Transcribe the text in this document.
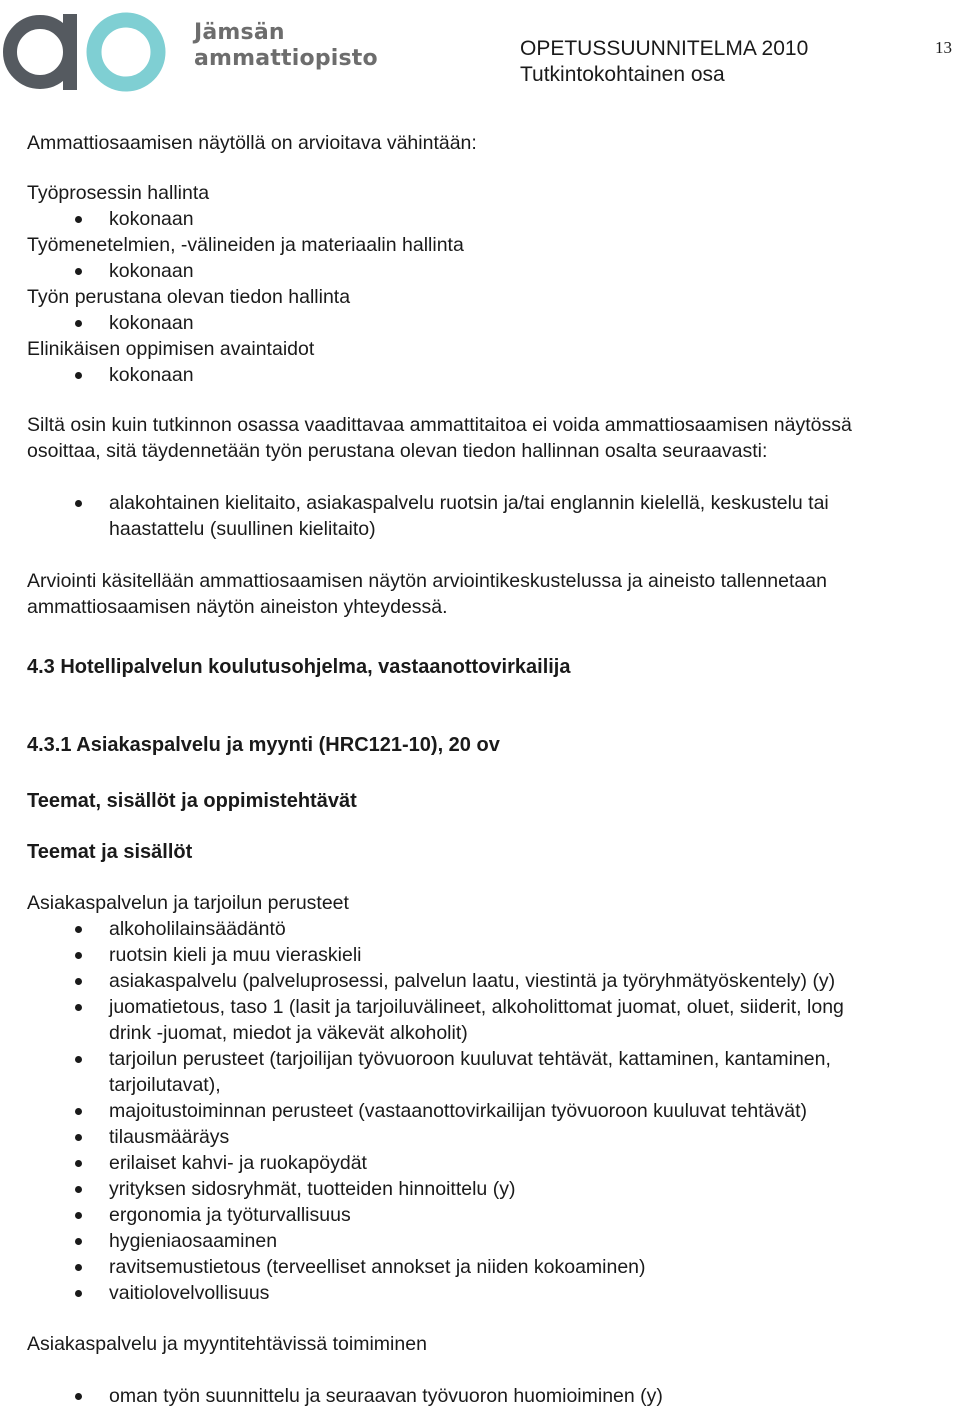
Jämsän
ammattiopisto	OPETUSSUUNNITELMA 2010
Tutkintokohtainen osa
13

Ammattiosaamisen näytöllä on arvioitava vähintään:

Työprosessin hallinta

kokonaan

Työmenetelmien, -välineiden ja materiaalin hallinta

kokonaan

Työn perustana olevan tiedon hallinta

kokonaan

Elinikäisen oppimisen avaintaidot

kokonaan

Siltä osin kuin tutkinnon osassa vaadittavaa ammattitaitoa ei voida ammattiosaamisen näytössä

osoittaa, sitä täydennetään työn perustana olevan tiedon hallinnan osalta seuraavasti:

alakohtainen kielitaito, asiakaspalvelu ruotsin ja/tai englannin kielellä, keskustelu tai
haastattelu (suullinen kielitaito)

Arviointi käsitellään ammattiosaamisen näytön arviointikeskustelussa ja aineisto tallennetaan

ammattiosaamisen näytön aineiston yhteydessä.

4.3 Hotellipalvelun koulutusohjelma, vastaanottovirkailija

4.3.1 Asiakaspalvelu ja myynti (HRC121-10), 20 ov

Teemat, sisällöt ja oppimistehtävät

Teemat ja sisällöt

Asiakaspalvelun ja tarjoilun perusteet

alkoholilainsäädäntö
ruotsin kieli ja muu vieraskieli
asiakaspalvelu (palveluprosessi, palvelun laatu, viestintä ja työryhmätyöskentely) (y)
juomatietous, taso 1 (lasit ja tarjoiluvälineet, alkoholittomat juomat, oluet, siiderit, long
drink -juomat, miedot ja väkevät alkoholit)
tarjoilun perusteet (tarjoilijan työvuoroon kuuluvat tehtävät, kattaminen, kantaminen,
tarjoilutavat),
majoitustoiminnan perusteet (vastaanottovirkailijan työvuoroon kuuluvat tehtävät)
tilausmääräys
erilaiset kahvi- ja ruokapöydät
yrityksen sidosryhmät, tuotteiden hinnoittelu (y)
ergonomia ja työturvallisuus
hygieniaosaaminen
ravitsemustietous (terveelliset annokset ja niiden kokoaminen)
vaitiolovelvollisuus

Asiakaspalvelu ja myyntitehtävissä toimiminen

oman työn suunnittelu ja seuraavan työvuoron huomioiminen (y)
